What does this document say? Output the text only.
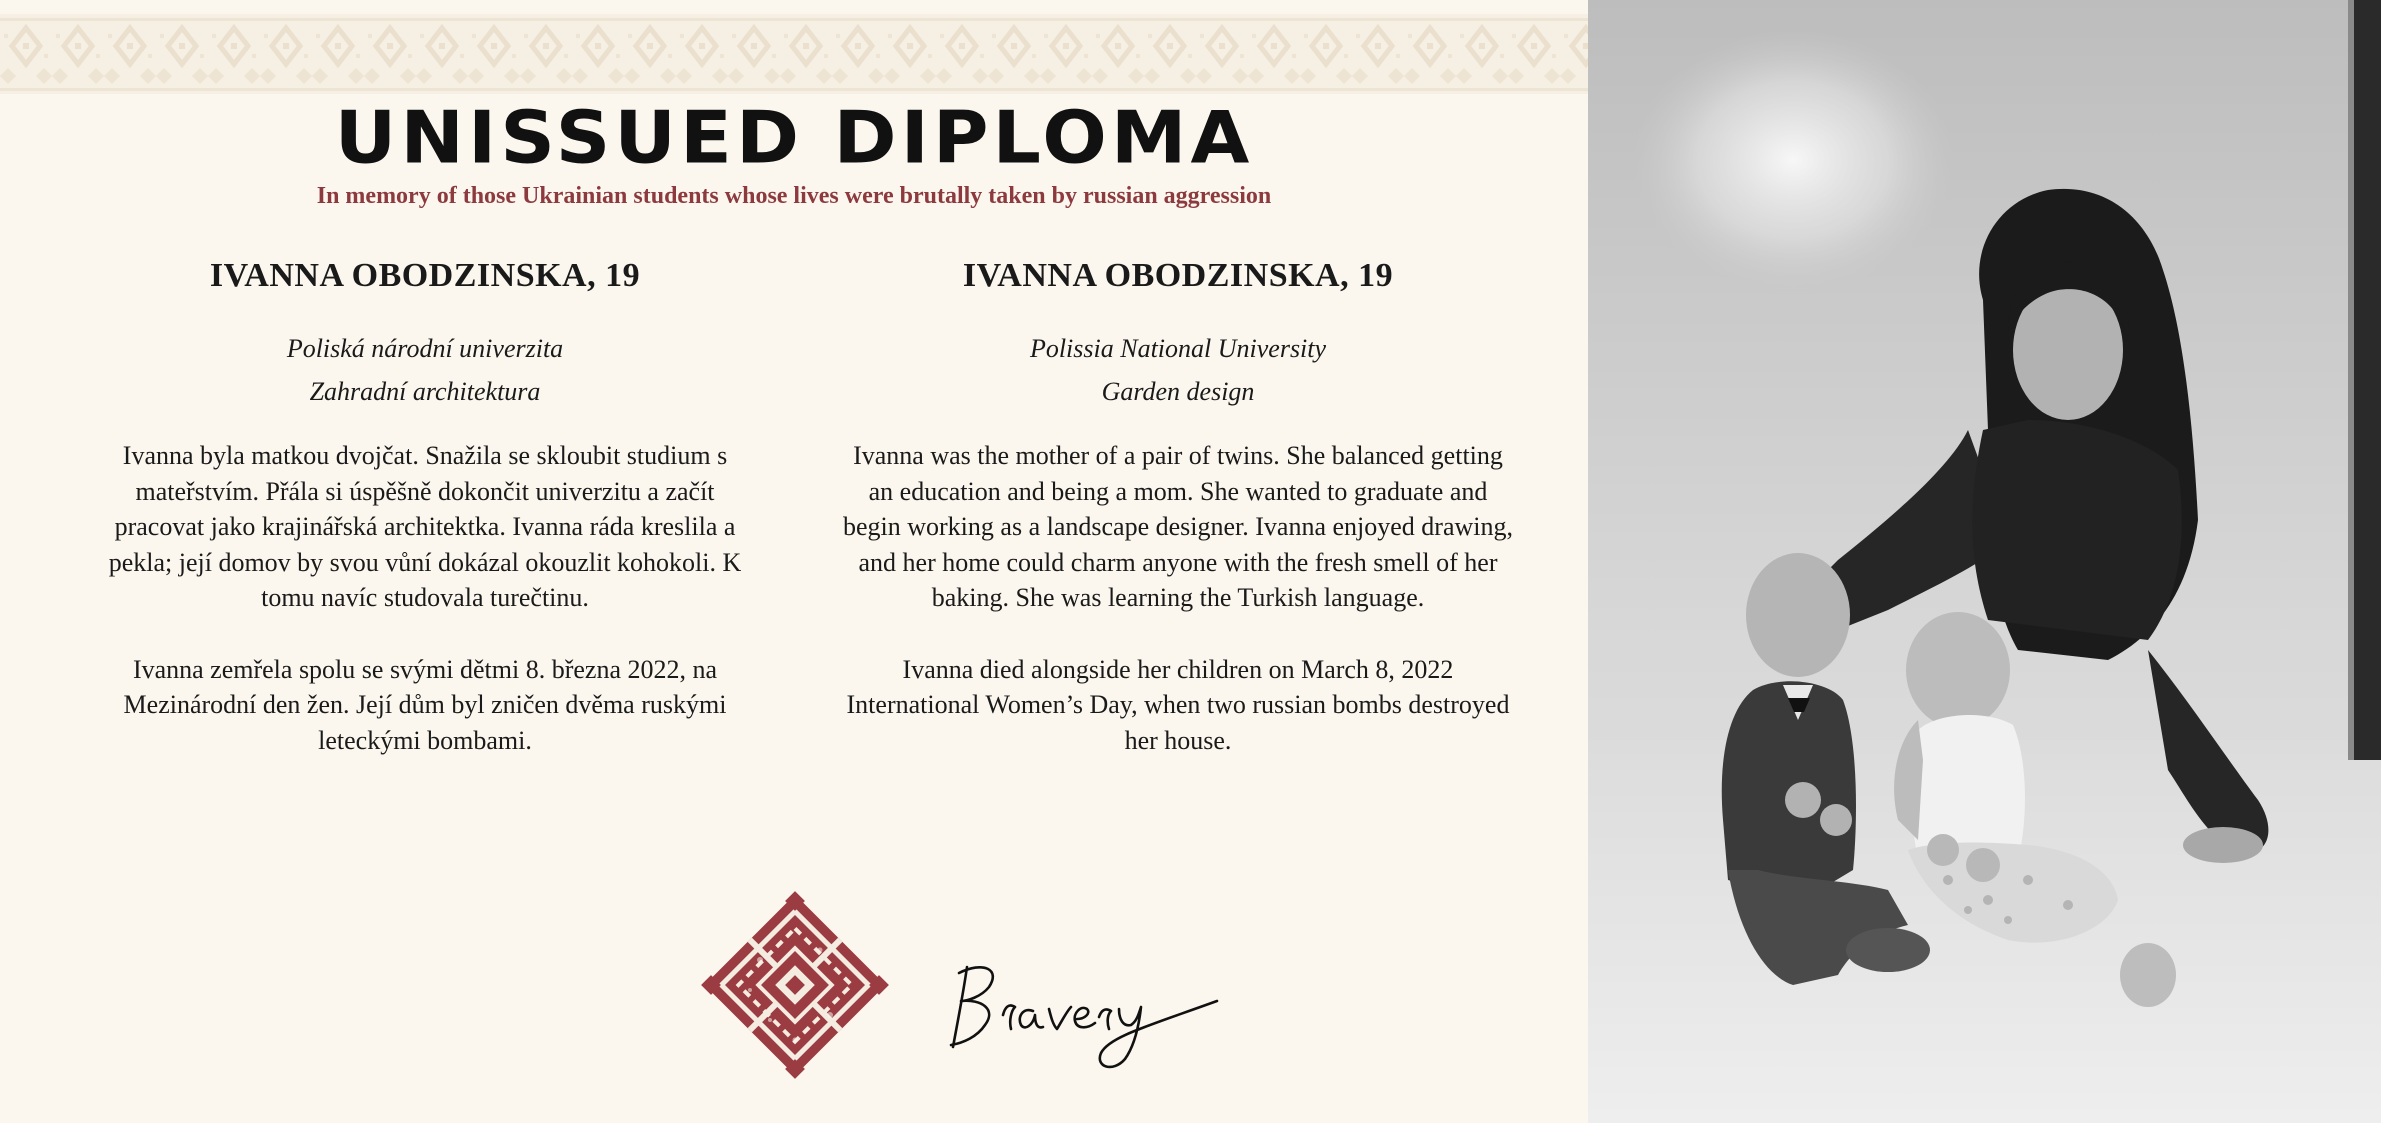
UNISSUED DIPLOMA

In memory of those Ukrainian students whose lives were brutally taken by russian aggression

IVANNA OBODZINSKA, 19

Poliská národní univerzita

Zahradní architektura

Ivanna byla matkou dvojčat. Snažila se skloubit studium s mateřstvím. Přála si úspěšně dokončit univerzitu a začít pracovat jako krajinářská architektka. Ivanna ráda kreslila a pekla; její domov by svou vůní dokázal okouzlit kohokoli. K tomu navíc studovala turečtinu.

Ivanna zemřela spolu se svými dětmi 8. března 2022, na Mezinárodní den žen. Její dům byl zničen dvěma ruskými leteckými bombami.

IVANNA OBODZINSKA, 19

Polissia National University

Garden design

Ivanna was the mother of a pair of twins. She balanced getting an education and being a mom. She wanted to graduate and begin working as a landscape designer. Ivanna enjoyed drawing, and her home could charm anyone with the fresh smell of her baking. She was learning the Turkish language.

Ivanna died alongside her children on March 8, 2022 International Women’s Day, when two russian bombs destroyed her house.
